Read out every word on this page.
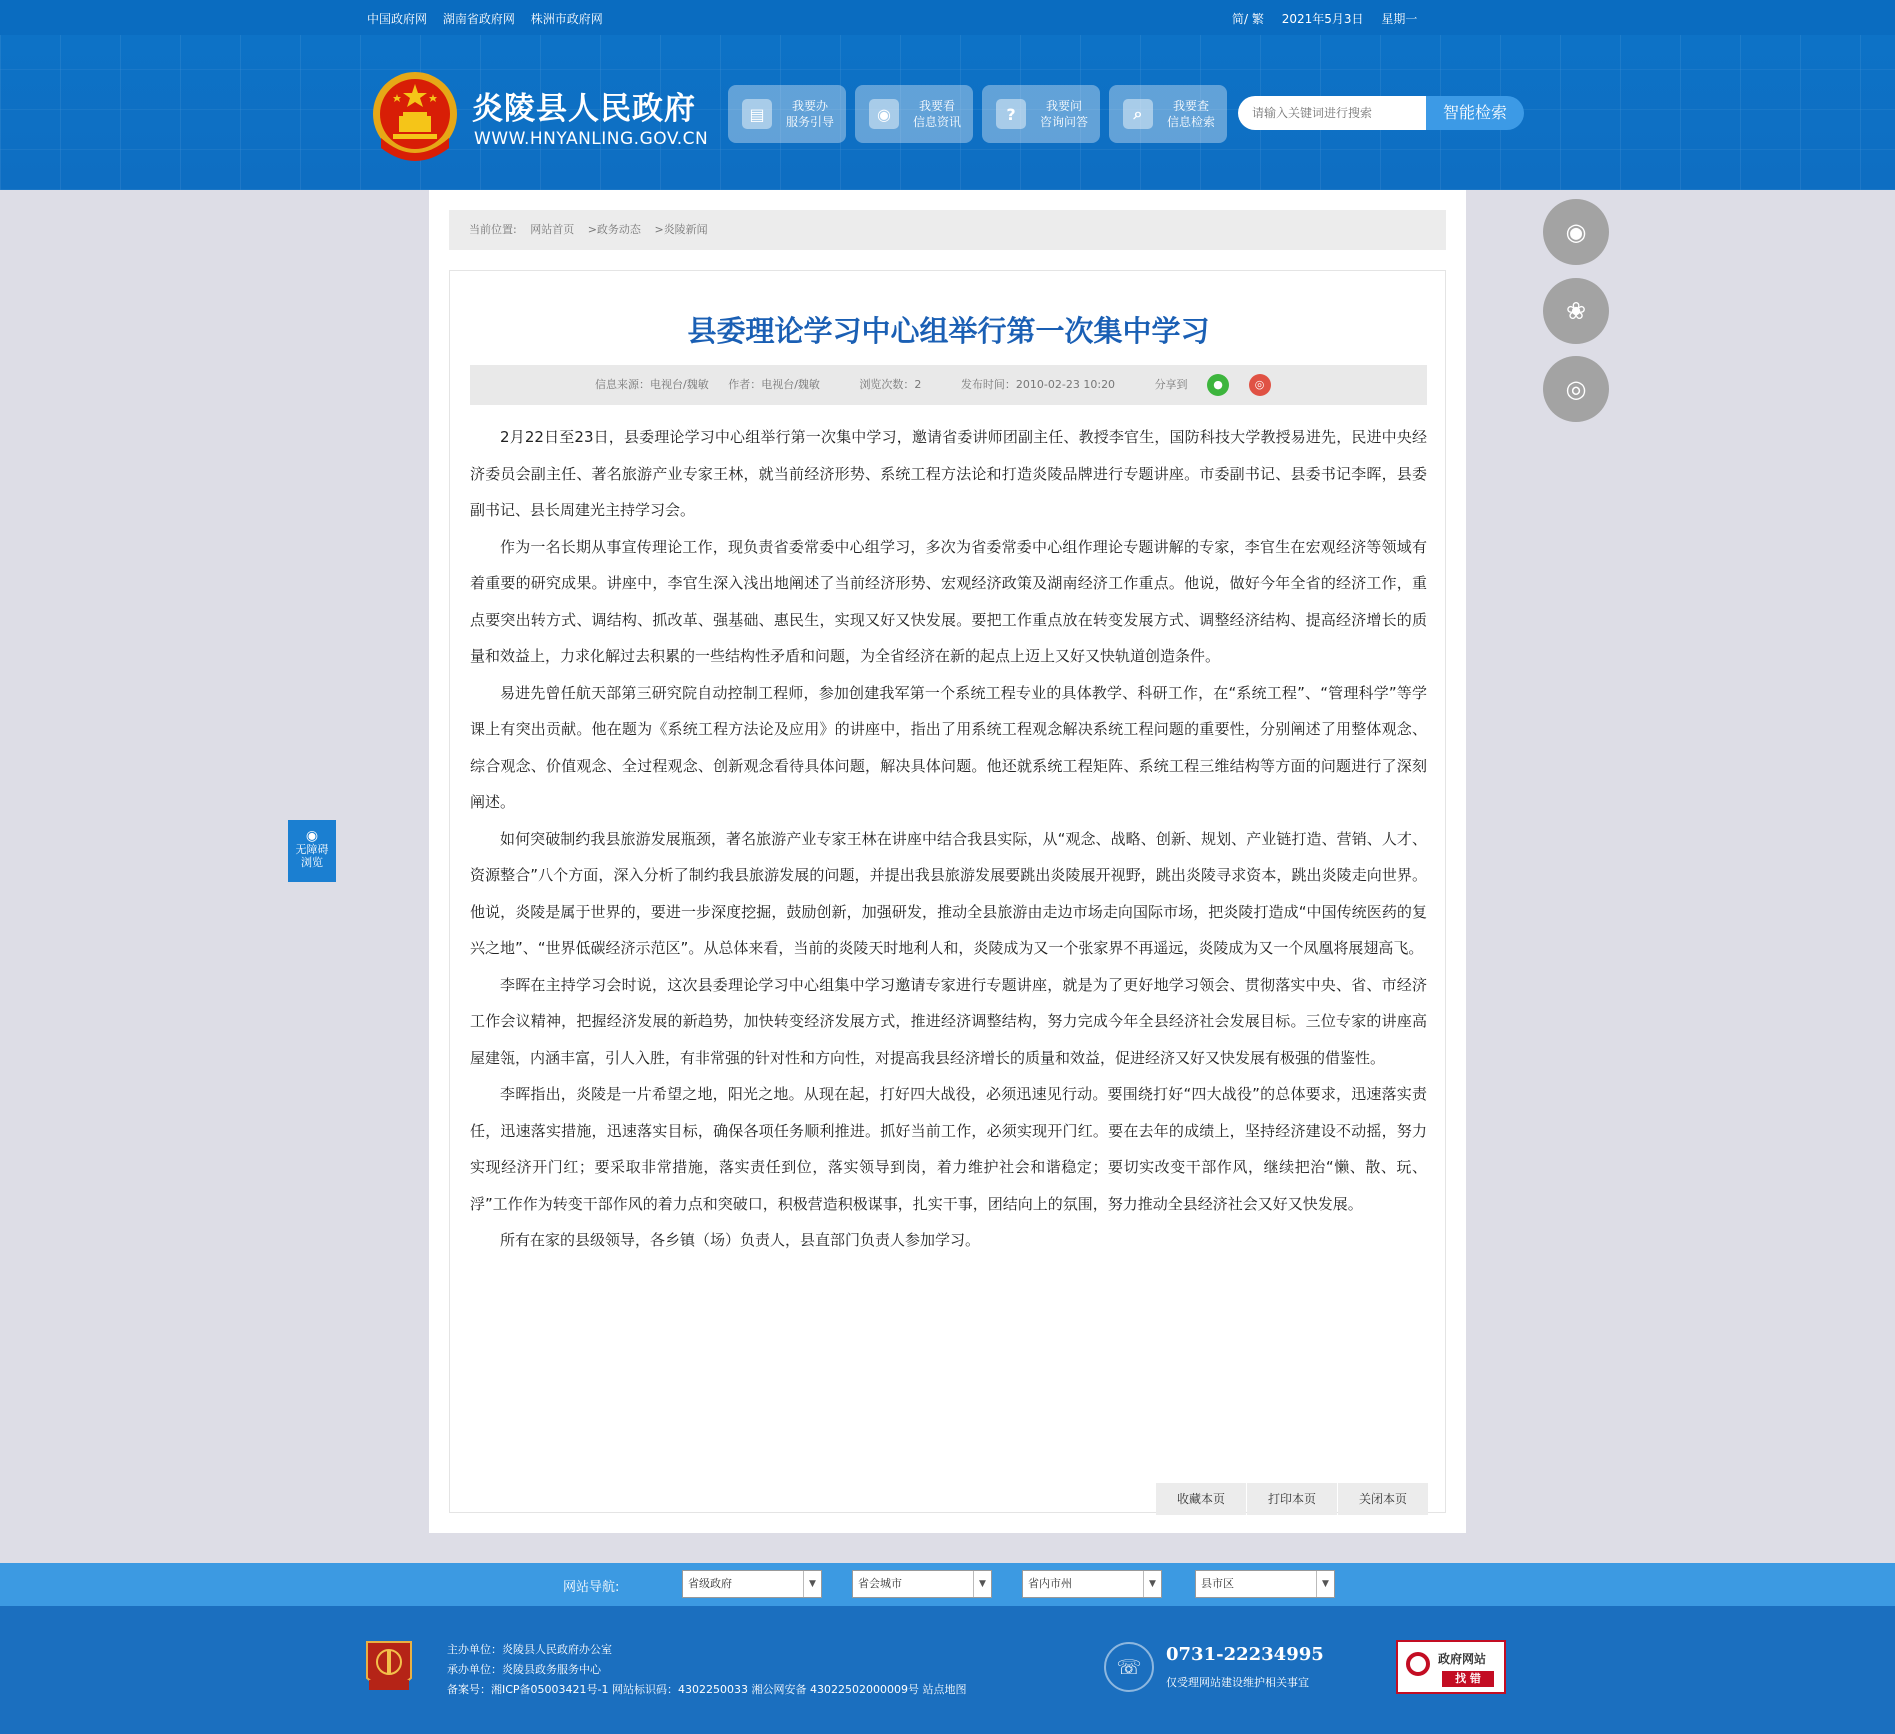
中国政府网 湖南省政府网 株洲市政府网	简/ 繁 2021年5月3日 星期一
炎陵县人民政府
WWW.HNYANLING.GOV.CN
▤	我要办
服务引导	◉	我要看
信息资讯	?	我要问
咨询问答	⌕	我要查
信息检索
请输入关键词进行搜索	智能检索
当前位置: 网站首页 >政务动态 >炎陵新闻
县委理论学习中心组举行第一次集中学习
信息来源：电视台/魏敏 作者：电视台/魏敏	浏览次数：2	发布时间：2010-02-23 10:20	分享到 ●	◎

2月22日至23日，县委理论学习中心组举行第一次集中学习，邀请省委讲师团副主任、教授李官生，国防科技大学教授易进先，民进中央经济委员会副主任、著名旅游产业专家王林，就当前经济形势、系统工程方法论和打造炎陵品牌进行专题讲座。市委副书记、县委书记李晖，县委副书记、县长周建光主持学习会。

作为一名长期从事宣传理论工作，现负责省委常委中心组学习，多次为省委常委中心组作理论专题讲解的专家，李官生在宏观经济等领域有着重要的研究成果。讲座中，李官生深入浅出地阐述了当前经济形势、宏观经济政策及湖南经济工作重点。他说，做好今年全省的经济工作，重点要突出转方式、调结构、抓改革、强基础、惠民生，实现又好又快发展。要把工作重点放在转变发展方式、调整经济结构、提高经济增长的质量和效益上，力求化解过去积累的一些结构性矛盾和问题，为全省经济在新的起点上迈上又好又快轨道创造条件。

易进先曾任航天部第三研究院自动控制工程师，参加创建我军第一个系统工程专业的具体教学、科研工作，在“系统工程”、“管理科学”等学课上有突出贡献。他在题为《系统工程方法论及应用》的讲座中，指出了用系统工程观念解决系统工程问题的重要性，分别阐述了用整体观念、综合观念、价值观念、全过程观念、创新观念看待具体问题，解决具体问题。他还就系统工程矩阵、系统工程三维结构等方面的问题进行了深刻阐述。

如何突破制约我县旅游发展瓶颈，著名旅游产业专家王林在讲座中结合我县实际，从“观念、战略、创新、规划、产业链打造、营销、人才、资源整合”八个方面，深入分析了制约我县旅游发展的问题，并提出我县旅游发展要跳出炎陵展开视野，跳出炎陵寻求资本，跳出炎陵走向世界。他说，炎陵是属于世界的，要进一步深度挖掘，鼓励创新，加强研发，推动全县旅游由走边市场走向国际市场，把炎陵打造成“中国传统医药的复兴之地”、“世界低碳经济示范区”。从总体来看，当前的炎陵天时地利人和，炎陵成为又一个张家界不再遥远，炎陵成为又一个凤凰将展翅高飞。

李晖在主持学习会时说，这次县委理论学习中心组集中学习邀请专家进行专题讲座，就是为了更好地学习领会、贯彻落实中央、省、市经济工作会议精神，把握经济发展的新趋势，加快转变经济发展方式，推进经济调整结构，努力完成今年全县经济社会发展目标。三位专家的讲座高屋建瓴，内涵丰富，引人入胜，有非常强的针对性和方向性，对提高我县经济增长的质量和效益，促进经济又好又快发展有极强的借鉴性。

李晖指出，炎陵是一片希望之地，阳光之地。从现在起，打好四大战役，必须迅速见行动。要围绕打好“四大战役”的总体要求，迅速落实责任，迅速落实措施，迅速落实目标，确保各项任务顺利推进。抓好当前工作，必须实现开门红。要在去年的成绩上，坚持经济建设不动摇，努力实现经济开门红；要采取非常措施，落实责任到位，落实领导到岗，着力维护社会和谐稳定；要切实改变干部作风，继续把治“懒、散、玩、浮”工作作为转变干部作风的着力点和突破口，积极营造积极谋事，扎实干事，团结向上的氛围，努力推动全县经济社会又好又快发展。

所有在家的县级领导，各乡镇（场）负责人，县直部门负责人参加学习。

收藏本页	打印本页	关闭本页
◉
❀
◎
◉
无障碍
浏览
网站导航:	省级政府	▼	省会城市	▼	省内市州	▼	县市区	▼
主办单位：炎陵县人民政府办公室
承办单位：炎陵县政务服务中心
备案号：湘ICP备05003421号-1 网站标识码：4302250033 湘公网安备 43022502000009号 站点地图
☏
0731-22234995
仅受理网站建设维护相关事宜
政府网站
找 错
